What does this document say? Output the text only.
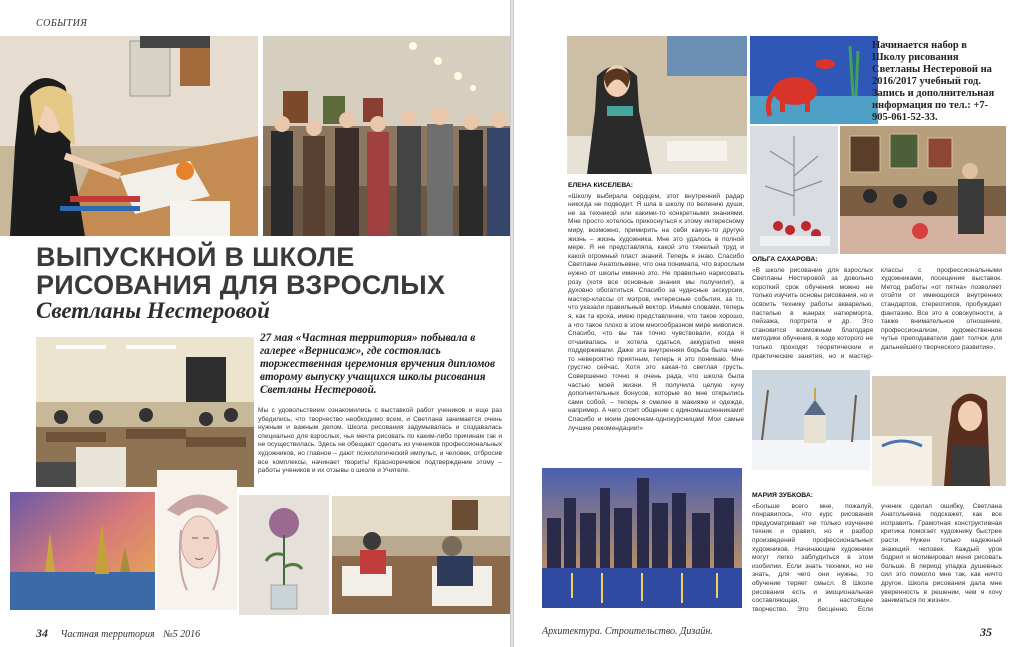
СОБЫТИЯ
ВЫПУСКНОЙ В ШКОЛЕ
РИСОВАНИЯ ДЛЯ ВЗРОСЛЫХ
Светланы Нестеровой
27 мая «Частная территория» побывала в галерее «Вернисаж», где состоялась торжественная церемония вручения дипломов второму выпуску учащихся школы рисования Светланы Нестеровой.
Мы с удовольствием ознакомились с выставкой работ учеников и еще раз убедились, что творчество необходимо всем, и Светлана занимается очень нужным и важным делом. Школа рисования задумывалась и создавалась специально для взрослых, чья мечта рисовать по каким-либо причинам так и не осуществилась. Здесь не обещают сделать из учеников профессиональных художников, но главное – дают психологический импульс, и человек, отбросив все комплексы, начинает творить! Красноречивое подтверждение этому – работы учеников и их отзывы о школе и Учителе.
34 Частная территория №5 2016
Начинается набор в Школу рисования Светланы Нестеровой на 2016/2017 учебный год. Запись и дополнительная информация по тел.: +7-905-061-52-33.
ЕЛЕНА КИСЕЛЕВА:
«Школу выбирала сердцем, этот внутренний радар никогда не подводит. Я шла в школу по велению души, не за техникой или какими-то конкретными знаниями. Мне просто хотелось прикоснуться к этому интересному миру, возможно, примирить на себя какую-то другую жизнь – жизнь художника. Мне это удалось в полной мере. Я не представляла, какой это тяжелый труд и какой огромный пласт знаний. Теперь я знаю. Спасибо Светлане Анатольевне, что она понимала, что взрослым нужно от школы именно это. Не правильно нарисовать розу (хотя все основные знания мы получили!), а духовно обогатиться. Спасибо за чудесные экскурсии, мастер-классы от мэтров, интересные события, за то, что указали правильный вектор. Иными словами, теперь я, как та кроха, имею представление, что такое хорошо, а что такое плохо в этом многообразном мире живописи. Спасибо, что вы так точно чувствовали, когда я отчаивалась и хотела сдаться, аккуратно меня поддерживали. Даже эта внутренняя борьба была чем-то невероятно приятным, теперь я это понимаю. Мне грустно сейчас. Хотя это какая-то светлая грусть. Совершенно точно я очень рада, что школа была частью моей жизни. Я получила целую кучу дополнительных бонусов, которые во мне открылись сами собой, – теперь я смелее в макияже и одежде, например. А чего стоит общение с единомышленниками! Спасибо и моим девочкам-однокурсницам! Мои самые лучшие рекомендации!»
ОЛЬГА САХАРОВА:
«В школе рисования для взрослых Светланы Нестеровой за довольно короткий срок обучения можно не только изучить основы рисования, но и освоить технику работы акварелью, пастелью в жанрах натюрморта, пейзажа, портрета и др. Это становится возможным благодаря методике обучения, в ходе которого не только проходят теоретические и практические занятия, но и мастер-классы с профессиональными художниками, посещения выставок. Метод работы «от пятна» позволяет отойти от имеющихся внутренних стандартов, стереотипов, пробуждает фантазию. Все это в совокупности, а также внимательное отношение, профессионализм, художественное чутье преподавателя дает толчок для дальнейшего творческого развития».
МАРИЯ ЗУБКОВА:
«Больше всего мне, пожалуй, понравилось, что курс рисования предусматривает не только изучение техник и правил, но и разбор произведений профессиональных художников. Начинающие художники могут легко заблудиться в этом изобилии. Если знать техники, но не знать, для чего они нужны, то обучение теряет смысл. В Школе рисования есть и эмоциональная составляющая, и настоящее творчество. Это бесценно. Если ученик сделал ошибку, Светлана Анатольевна подскажет, как все исправить. Грамотная конструктивная критика помогает художнику быстрее расти. Нужен только надежный знающий человек. Каждый урок бодрил и мотивировал меня рисовать больше. В период упадка душевных сил это помогло мне так, как ничто другое. Школа рисования дала мне уверенность в решении, чем я хочу заниматься по жизни».
Архитектура. Строительство. Дизайн.	35
